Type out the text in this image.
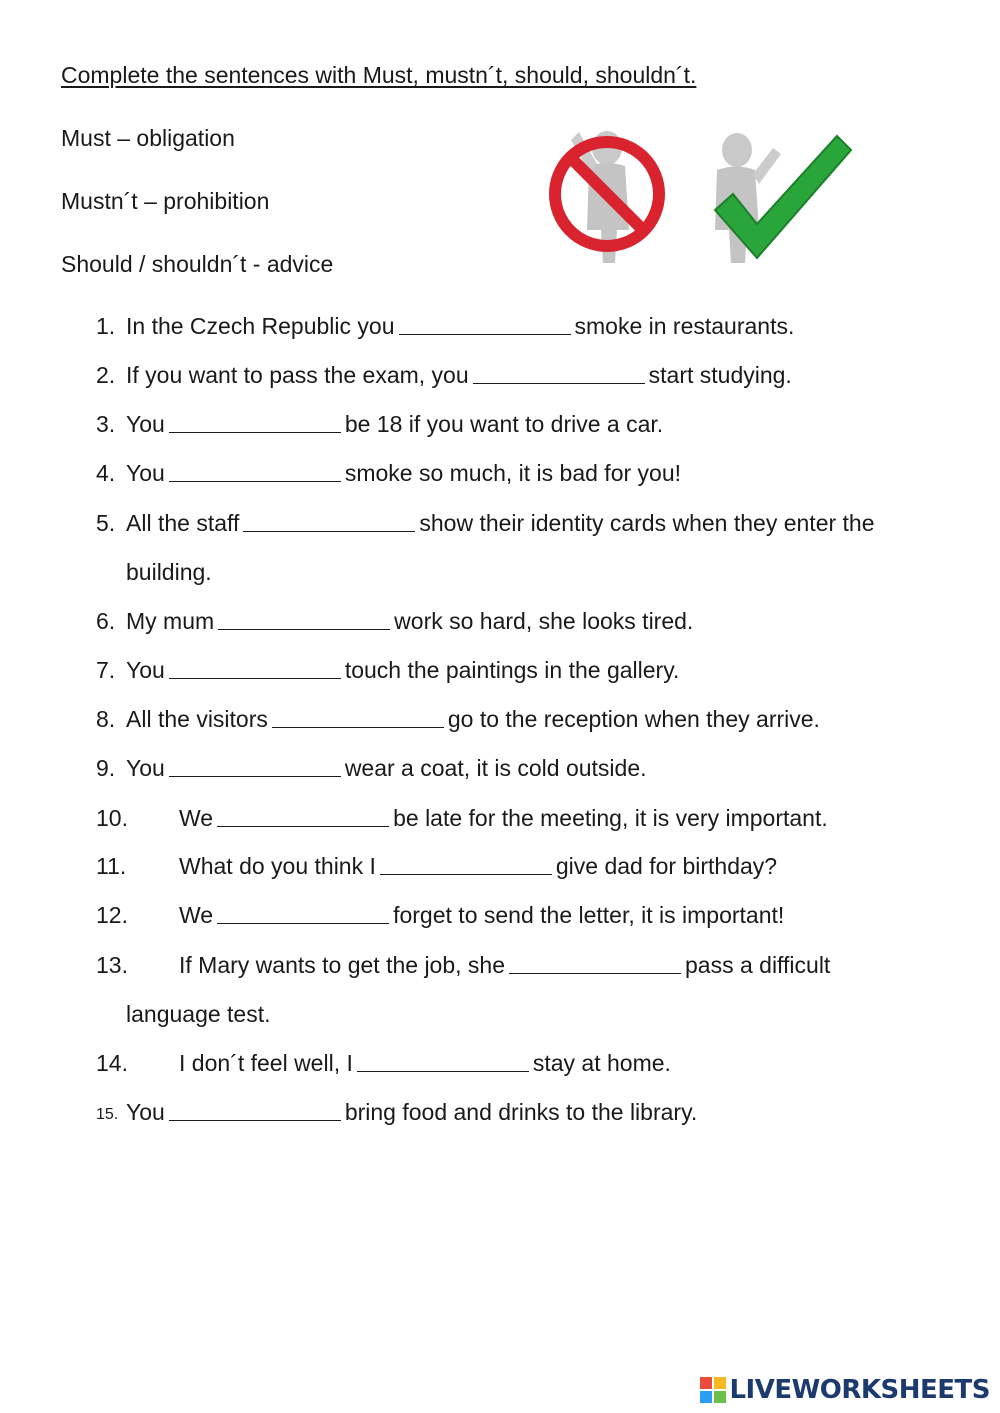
Complete the sentences with Must, mustn´t, should, shouldn´t.
Must – obligation
Mustn´t – prohibition
Should / shouldn´t - advice
1. In the Czech Republic you	smoke in restaurants.
2. If you want to pass the exam, you	start studying.
3. You	be 18 if you want to drive a car.
4. You	smoke so much, it is bad for you!
5. All the staff	show their identity cards when they enter the
building.
6. My mum	work so hard, she looks tired.
7. You	touch the paintings in the gallery.
8. All the visitors	go to the reception when they arrive.
9. You	wear a coat, it is cold outside.
10. We	be late for the meeting, it is very important.
11. What do you think I	give dad for birthday?
12. We	forget to send the letter, it is important!
13. If Mary wants to get the job, she	pass a difficult
language test.
14. I don´t feel well, I	stay at home.
15. You	bring food and drinks to the library.
LIVEWORKSHEETS
